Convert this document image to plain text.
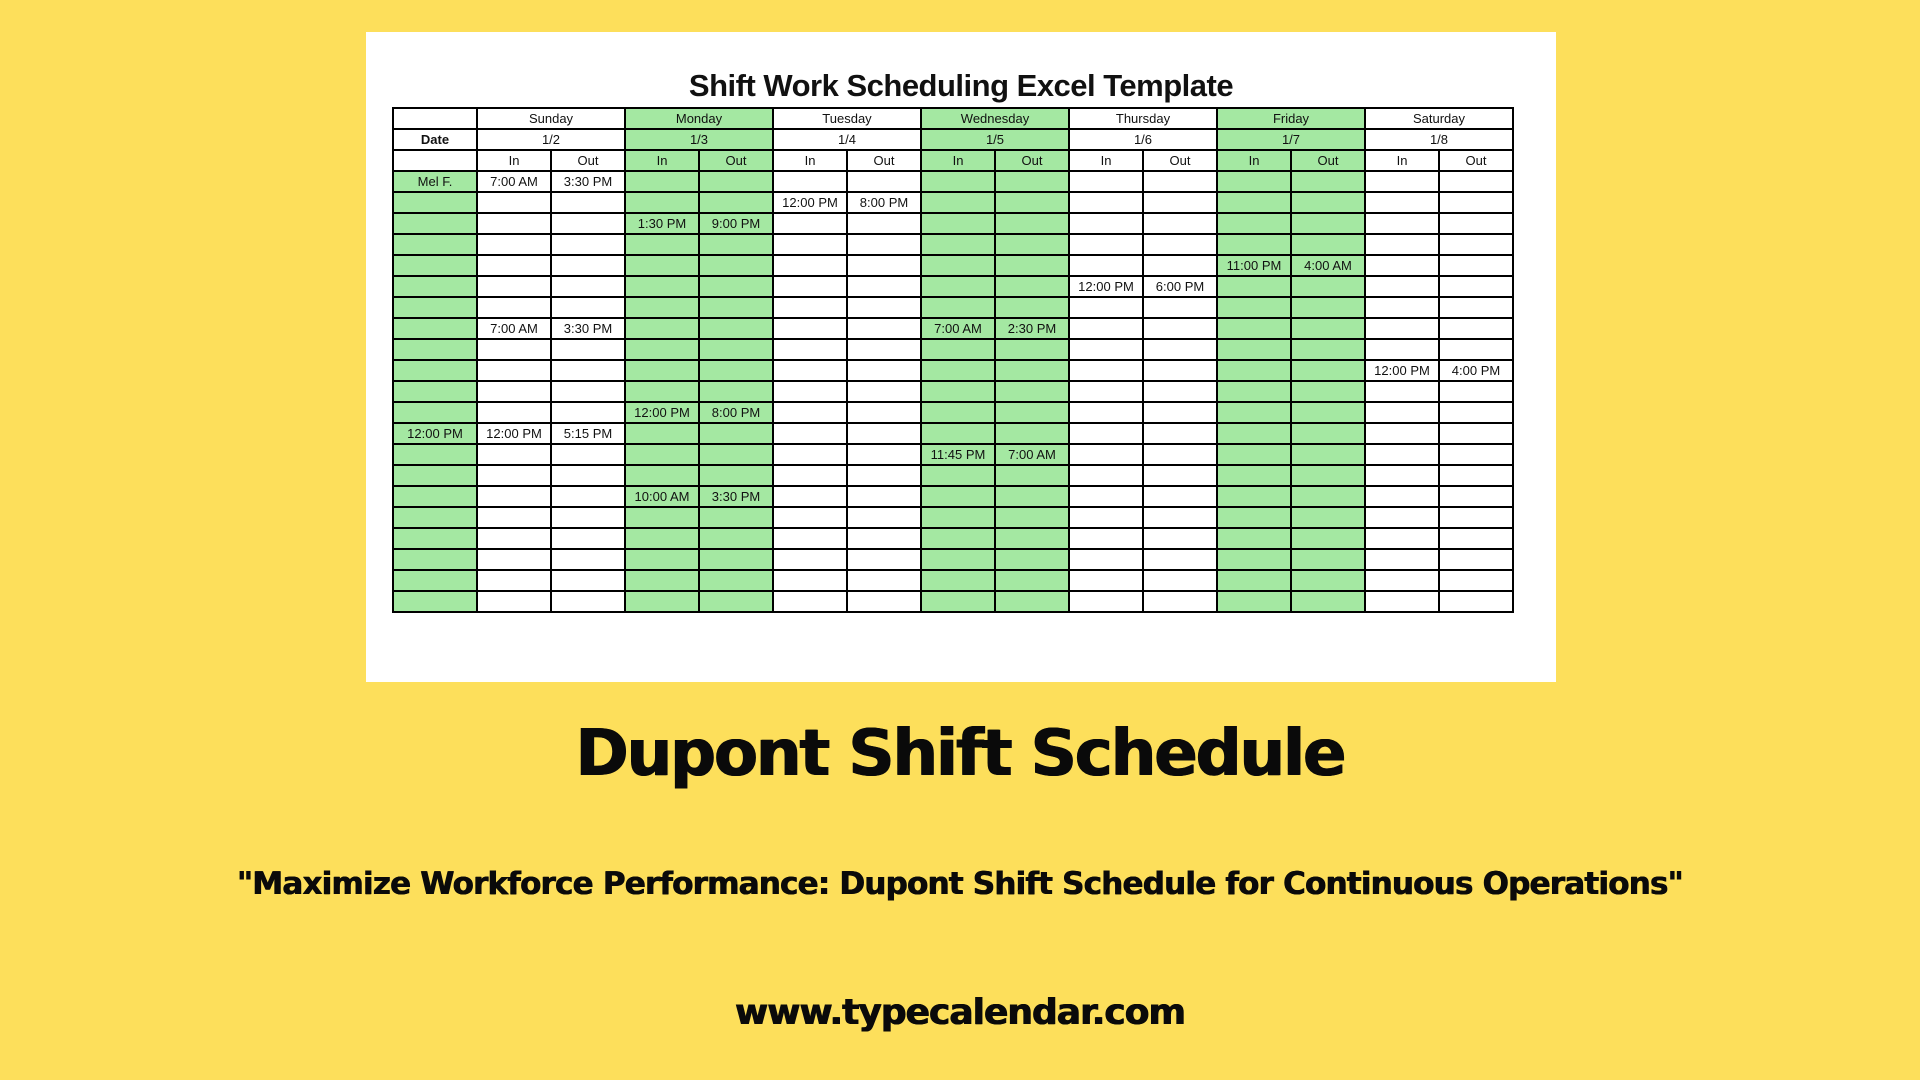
Shift Work Scheduling Excel Template
	Sunday		Monday		Tuesday		Wednesday		Thursday		Friday		Saturday	
Date	1/2		1/3		1/4		1/5		1/6		1/7		1/8	
	In	Out	In	Out	In	Out	In	Out	In	Out	In	Out	In	Out
Mel F.	7:00 AM	3:30 PM												
					12:00 PM	8:00 PM								
			1:30 PM	9:00 PM										

											11:00 PM	4:00 AM		
									12:00 PM	6:00 PM				

	7:00 AM	3:30 PM					7:00 AM	2:30 PM						

													12:00 PM	4:00 PM

			12:00 PM	8:00 PM										
12:00 PM	12:00 PM	5:15 PM												
							11:45 PM	7:00 AM						

			10:00 AM	3:30 PM										

Dupont Shift Schedule
"Maximize Workforce Performance: Dupont Shift Schedule for Continuous Operations"
www.typecalendar.com
